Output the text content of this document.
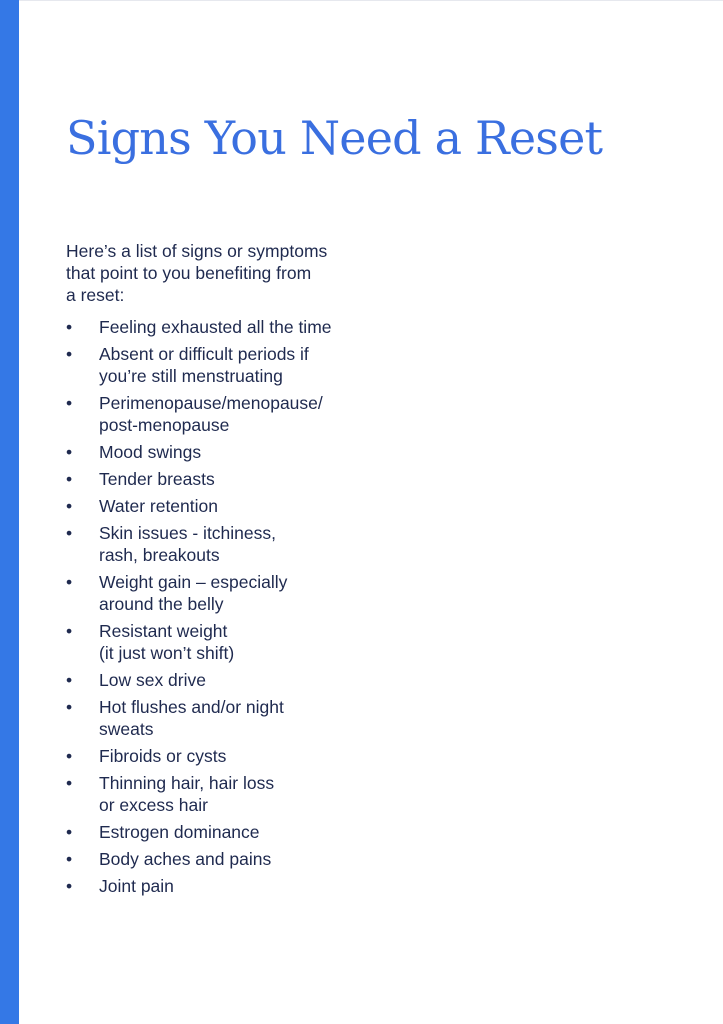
Signs You Need a Reset

Here’s a list of signs or symptoms
that point to you benefiting from
a reset:

• Feeling exhausted all the time
• Absent or difficult periods if
you’re still menstruating
• Perimenopause/menopause/
post-menopause
• Mood swings
• Tender breasts
• Water retention
• Skin issues - itchiness,
rash, breakouts
• Weight gain – especially
around the belly
• Resistant weight
(it just won’t shift)
• Low sex drive
• Hot flushes and/or night
sweats
• Fibroids or cysts
• Thinning hair, hair loss
or excess hair
• Estrogen dominance
• Body aches and pains
• Joint pain
